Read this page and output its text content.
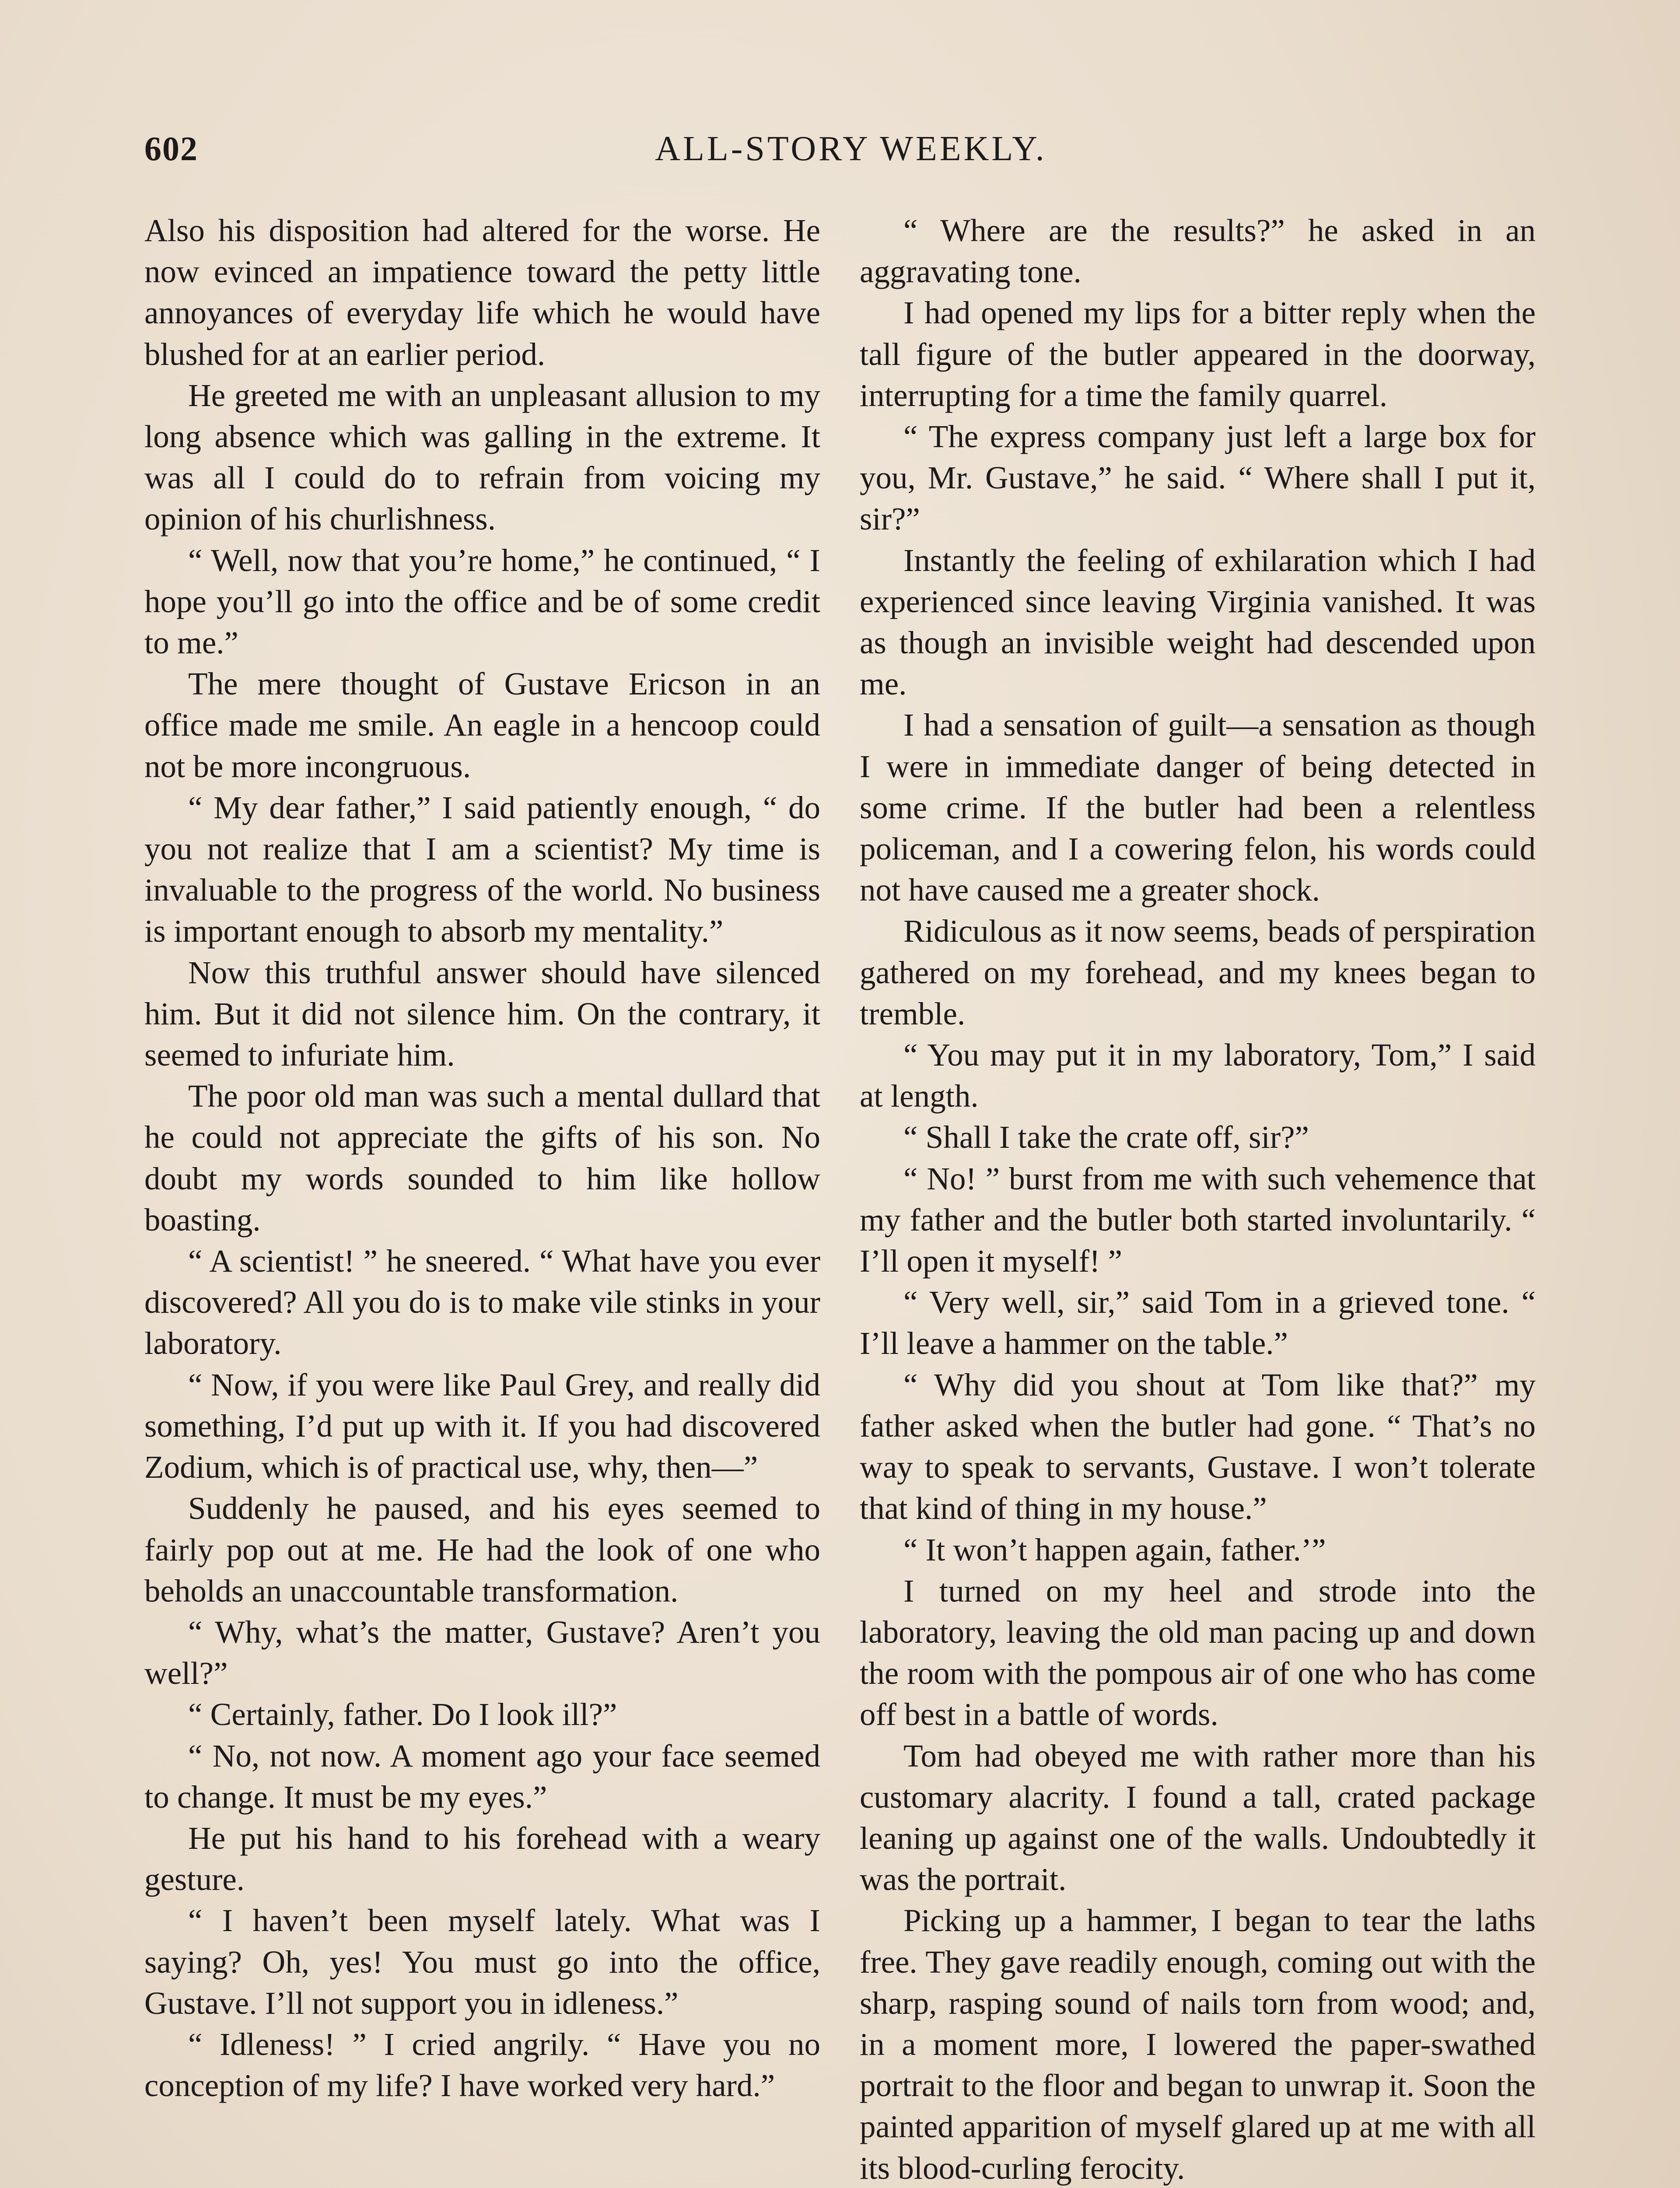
602	ALL-STORY WEEKLY.

Also his disposition had altered for the worse. He now evinced an impatience toward the petty little annoyances of everyday life which he would have blushed for at an earlier period.

He greeted me with an unpleasant allusion to my long absence which was galling in the extreme. It was all I could do to refrain from voicing my opinion of his churlishness.

“ Well, now that you’re home,” he continued, “ I hope you’ll go into the office and be of some credit to me.”

The mere thought of Gustave Ericson in an office made me smile. An eagle in a hencoop could not be more incongruous.

“ My dear father,” I said patiently enough, “ do you not realize that I am a scientist? My time is invaluable to the progress of the world. No business is important enough to absorb my mentality.”

Now this truthful answer should have silenced him. But it did not silence him. On the contrary, it seemed to infuriate him.

The poor old man was such a mental dullard that he could not appreciate the gifts of his son. No doubt my words sounded to him like hollow boasting.

“ A scientist! ” he sneered. “ What have you ever discovered? All you do is to make vile stinks in your laboratory.

“ Now, if you were like Paul Grey, and really did something, I’d put up with it. If you had discovered Zodium, which is of practical use, why, then—”

Suddenly he paused, and his eyes seemed to fairly pop out at me. He had the look of one who beholds an unaccountable transformation.

“ Why, what’s the matter, Gustave? Aren’t you well?”

“ Certainly, father. Do I look ill?”

“ No, not now. A moment ago your face seemed to change. It must be my eyes.”

He put his hand to his forehead with a weary gesture.

“ I haven’t been myself lately. What was I saying? Oh, yes! You must go into the office, Gustave. I’ll not support you in idleness.”

“ Idleness! ” I cried angrily. “ Have you no conception of my life? I have worked very hard.”

“ Where are the results?” he asked in an aggravating tone.

I had opened my lips for a bitter reply when the tall figure of the butler appeared in the doorway, interrupting for a time the family quarrel.

“ The express company just left a large box for you, Mr. Gustave,” he said. “ Where shall I put it, sir?”

Instantly the feeling of exhilaration which I had experienced since leaving Virginia vanished. It was as though an invisible weight had descended upon me.

I had a sensation of guilt—a sensation as though I were in immediate danger of being detected in some crime. If the butler had been a relentless policeman, and I a cowering felon, his words could not have caused me a greater shock.

Ridiculous as it now seems, beads of perspiration gathered on my forehead, and my knees began to tremble.

“ You may put it in my laboratory, Tom,” I said at length.

“ Shall I take the crate off, sir?”

“ No! ” burst from me with such vehemence that my father and the butler both started involuntarily. “ I’ll open it myself! ”

“ Very well, sir,” said Tom in a grieved tone. “ I’ll leave a hammer on the table.”

“ Why did you shout at Tom like that?” my father asked when the butler had gone. “ That’s no way to speak to servants, Gustave. I won’t tolerate that kind of thing in my house.”

“ It won’t happen again, father.’”

I turned on my heel and strode into the laboratory, leaving the old man pacing up and down the room with the pompous air of one who has come off best in a battle of words.

Tom had obeyed me with rather more than his customary alacrity. I found a tall, crated package leaning up against one of the walls. Undoubtedly it was the portrait.

Picking up a hammer, I began to tear the laths free. They gave readily enough, coming out with the sharp, rasping sound of nails torn from wood; and, in a moment more, I lowered the paper-swathed portrait to the floor and began to unwrap it. Soon the painted apparition of myself glared up at me with all its blood-curling ferocity.
